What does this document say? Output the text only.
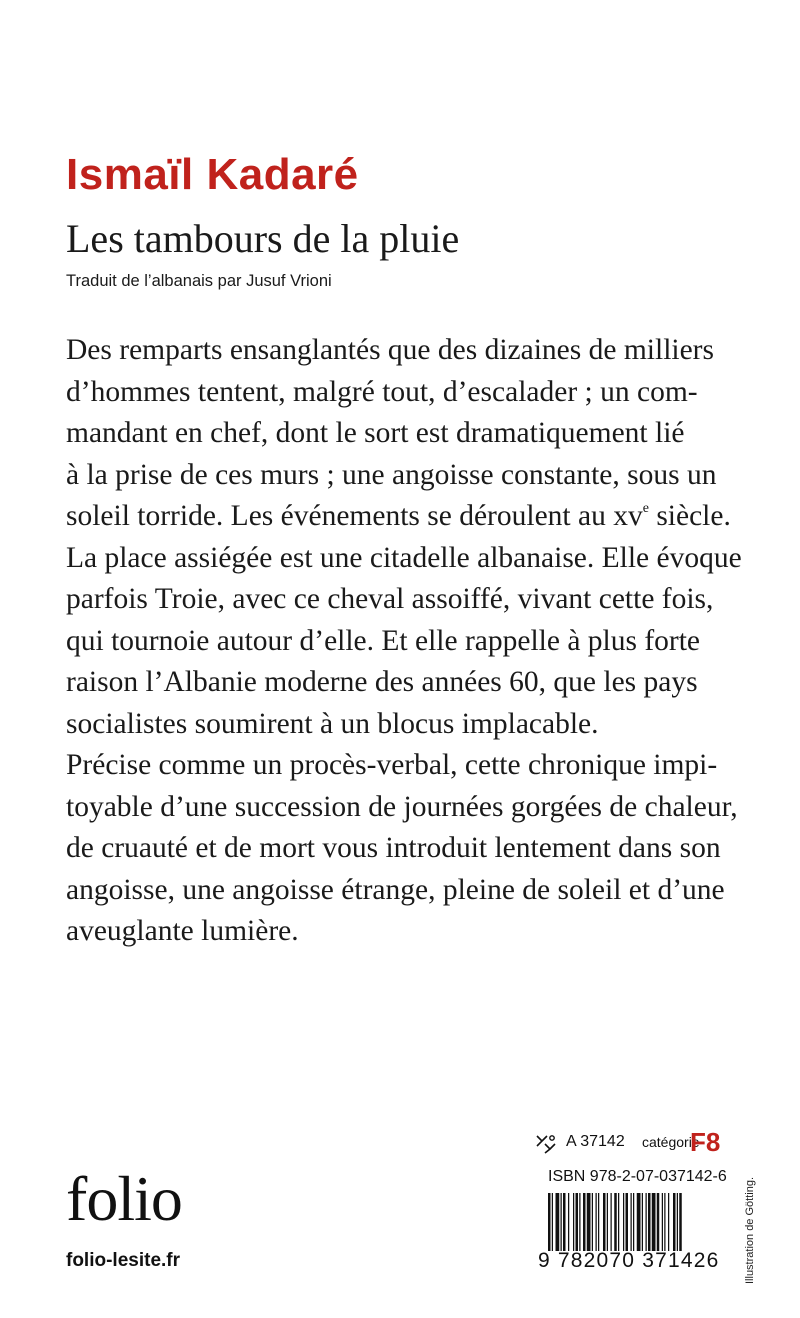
Ismaïl Kadaré
Les tambours de la pluie
Traduit de l’albanais par Jusuf Vrioni

Des remparts ensanglantés que des dizaines de milliers
d’hommes tentent, malgré tout, d’escalader ; un com-
mandant en chef, dont le sort est dramatiquement lié
à la prise de ces murs ; une angoisse constante, sous un
soleil torride. Les événements se déroulent au $xv^e$ siècle.
La place assiégée est une citadelle albanaise. Elle évoque
parfois Troie, avec ce cheval assoiffé, vivant cette fois,
qui tournoie autour d’elle. Et elle rappelle à plus forte
raison l’Albanie moderne des années 60, que les pays
socialistes soumirent à un blocus implacable.

Précise comme un procès-verbal, cette chronique impi-
toyable d’une succession de journées gorgées de chaleur,
de cruauté et de mort vous introduit lentement dans son
angoisse, une angoisse étrange, pleine de soleil et d’une
aveuglante lumière.

folio
folio-lesite.fr
A 37142 catégorie
F8
ISBN 978-2-07-037142-6
9 782070 371426 Illustration de Götting.
